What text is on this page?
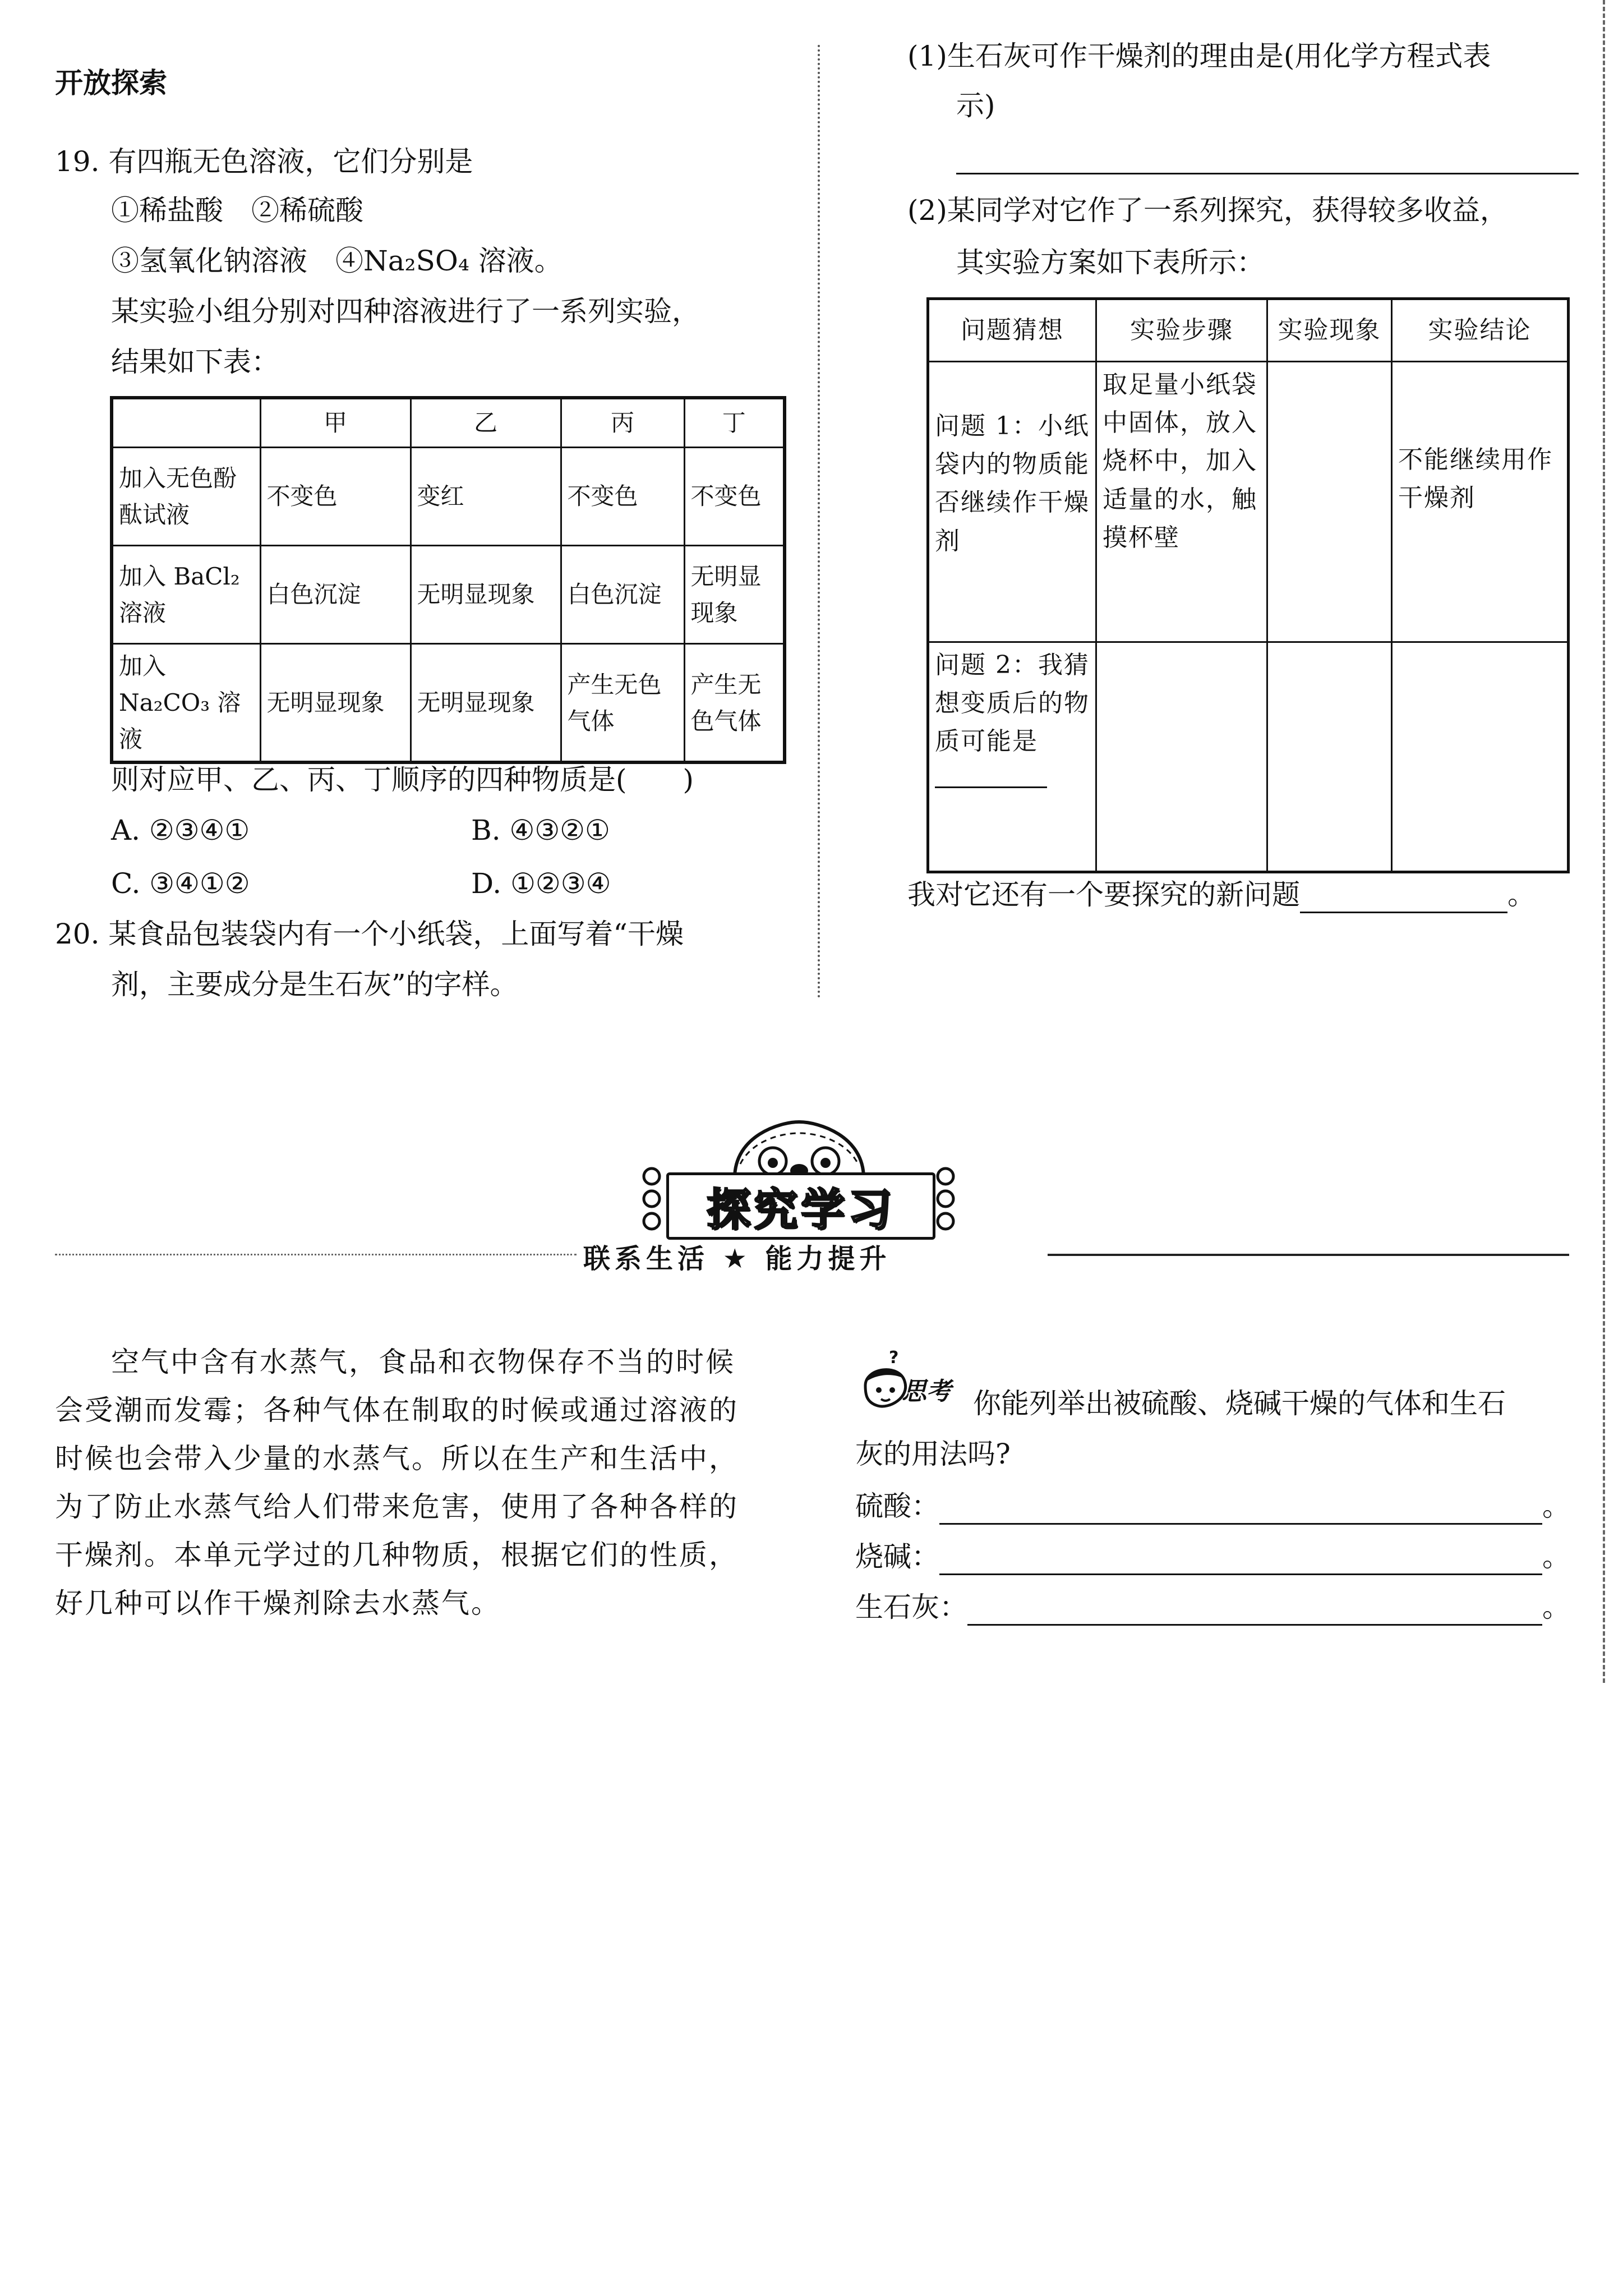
开放探索
19. 有四瓶无色溶液，它们分别是
①稀盐酸　②稀硫酸
③氢氧化钠溶液　④Na₂SO₄ 溶液。
某实验小组分别对四种溶液进行了一系列实验，
结果如下表：
	甲	乙	丙	丁
加入无色酚酞试液	不变色	变红	不变色	不变色
加入 BaCl₂ 溶液	白色沉淀	无明显现象	白色沉淀	无明显现象
加入 Na₂CO₃ 溶液	无明显现象	无明显现象	产生无色气体	产生无色气体
则对应甲、乙、丙、丁顺序的四种物质是(　　)
A. ②③④①	B. ④③②①
C. ③④①②	D. ①②③④
20. 某食品包装袋内有一个小纸袋，上面写着“干燥
剂，主要成分是生石灰”的字样。
(1)生石灰可作干燥剂的理由是(用化学方程式表
示)
(2)某同学对它作了一系列探究，获得较多收益，
其实验方案如下表所示：
问题猜想	实验步骤	实验现象	实验结论
问题 1：小纸袋内的物质能否继续作干燥剂	取足量小纸袋中固体，放入烧杯中，加入适量的水，触摸杯壁		不能继续用作干燥剂
问题 2：我猜想变质后的物质可能是			
我对它还有一个要探究的新问题	。
探究学习
联系生活 ★ 能力提升
空气中含有水蒸气，食品和衣物保存不当的时候
会受潮而发霉；各种气体在制取的时候或通过溶液的
时候也会带入少量的水蒸气。所以在生产和生活中，
为了防止水蒸气给人们带来危害，使用了各种各样的
干燥剂。本单元学过的几种物质，根据它们的性质，
好几种可以作干燥剂除去水蒸气。
?
思考 你能列举出被硫酸、烧碱干燥的气体和生石
灰的用法吗?
硫酸：	。
烧碱：	。
生石灰：	。
